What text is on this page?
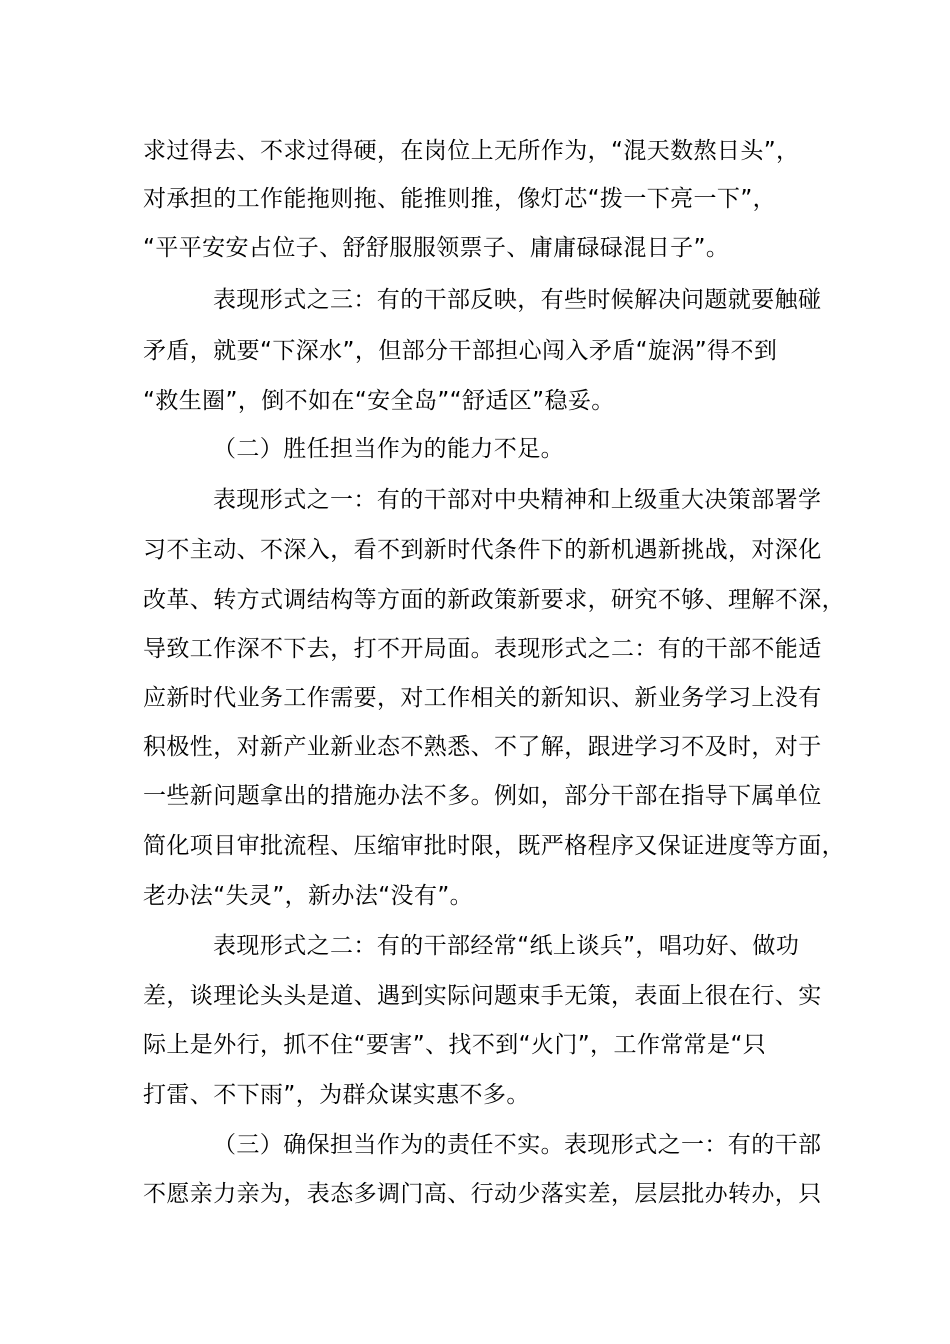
求过得去、不求过得硬，在岗位上无所作为，“混天数熬日头”，
对承担的工作能拖则拖、能推则推，像灯芯“拨一下亮一下”，
“平平安安占位子、舒舒服服领票子、庸庸碌碌混日子”。
表现形式之三：有的干部反映，有些时候解决问题就要触碰
矛盾，就要“下深水”，但部分干部担心闯入矛盾“旋涡”得不到
“救生圈”，倒不如在“安全岛”“舒适区”稳妥。
（二）胜任担当作为的能力不足。
表现形式之一：有的干部对中央精神和上级重大决策部署学
习不主动、不深入，看不到新时代条件下的新机遇新挑战，对深化
改革、转方式调结构等方面的新政策新要求，研究不够、理解不深，
导致工作深不下去，打不开局面。表现形式之二：有的干部不能适
应新时代业务工作需要，对工作相关的新知识、新业务学习上没有
积极性，对新产业新业态不熟悉、不了解，跟进学习不及时，对于
一些新问题拿出的措施办法不多。例如，部分干部在指导下属单位
简化项目审批流程、压缩审批时限，既严格程序又保证进度等方面，
老办法“失灵”，新办法“没有”。
表现形式之二：有的干部经常“纸上谈兵”，唱功好、做功
差，谈理论头头是道、遇到实际问题束手无策，表面上很在行、实
际上是外行，抓不住“要害”、找不到“火门”，工作常常是“只
打雷、不下雨”，为群众谋实惠不多。
（三）确保担当作为的责任不实。表现形式之一：有的干部
不愿亲力亲为，表态多调门高、行动少落实差，层层批办转办，只
